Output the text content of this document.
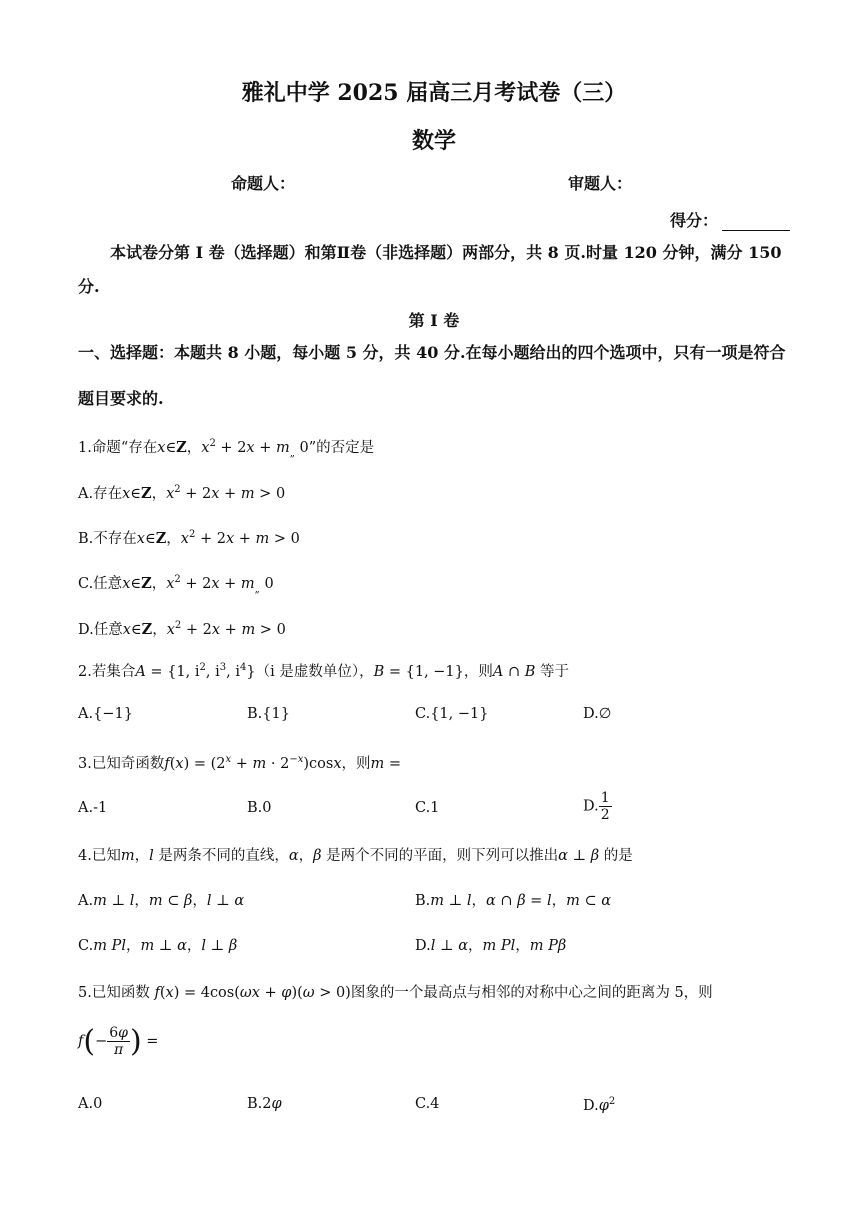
雅礼中学 2025 届高三月考试卷（三）
数学
命题人：	审题人：
得分：
本试卷分第 I 卷（选择题）和第Ⅱ卷（非选择题）两部分，共 8 页.时量 120 分钟，满分 150 分.
第 I 卷
一、选择题：本题共 8 小题，每小题 5 分，共 40 分.在每小题给出的四个选项中，只有一项是符合题目要求的.
1.命题“存在x∈Z，$x^2 + 2x + m_„$ 0”的否定是
A.存在x∈Z，$x^2 + 2x + m > 0$
B.不存在x∈Z，$x^2 + 2x + m > 0$
C.任意x∈Z，$x^2 + 2x + m_„$ 0
D.任意x∈Z，$x^2 + 2x + m > 0$
2.若集合A = {1, $i^2$, $i^3$, $i^4\}(i$ 是虚数单位），B = {1, −1}，则A ∩ B 等于
A.{−1}	B.{1}	C.{1, −1}	D.∅
3.已知奇函数$f(x) = (2^x + m \cdot 2^{-x})\cos x$，则m =
A.-1	B.0	C.1	D. $\frac{1}{2}$
4.已知m，l 是两条不同的直线，α，β 是两个不同的平面，则下列可以推出α ⊥ β 的是
A.m ⊥ l，m ⊂ β，l ⊥ α	B.m ⊥ l，α ∩ β = l，m ⊂ α
C.m Pl，m ⊥ α，l ⊥ β	D.l ⊥ α，m Pl，m Pβ
5.已知函数 f(x) = 4cos(ωx + φ)(ω > 0)图象的一个最高点与相邻的对称中心之间的距离为 5，则
$f(- \frac{6\varphi}{\pi}$ ) =
A.0	B.2φ	C.4	$D.\varphi^2$
